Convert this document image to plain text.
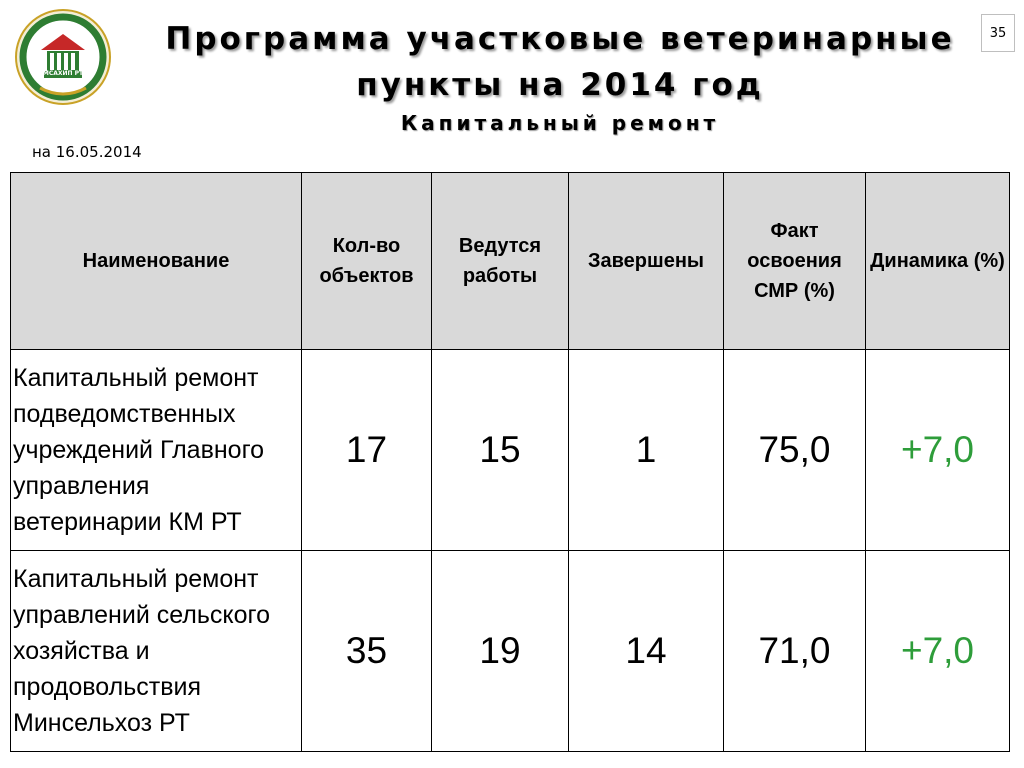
МСАХИП РТ
35
Программа участковые ветеринарные
пункты на 2014 год
Капитальный ремонт
на 16.05.2014
Наименование	Кол-во объектов	Ведутся работы	Завершены	Факт освоения СМР (%)	Динамика (%)
Капитальный ремонт подведомственных учреждений Главного управления ветеринарии КМ РТ	17	15	1	75,0	+7,0
Капитальный ремонт управлений сельского хозяйства и продовольствия Минсельхоз РТ	35	19	14	71,0	+7,0
